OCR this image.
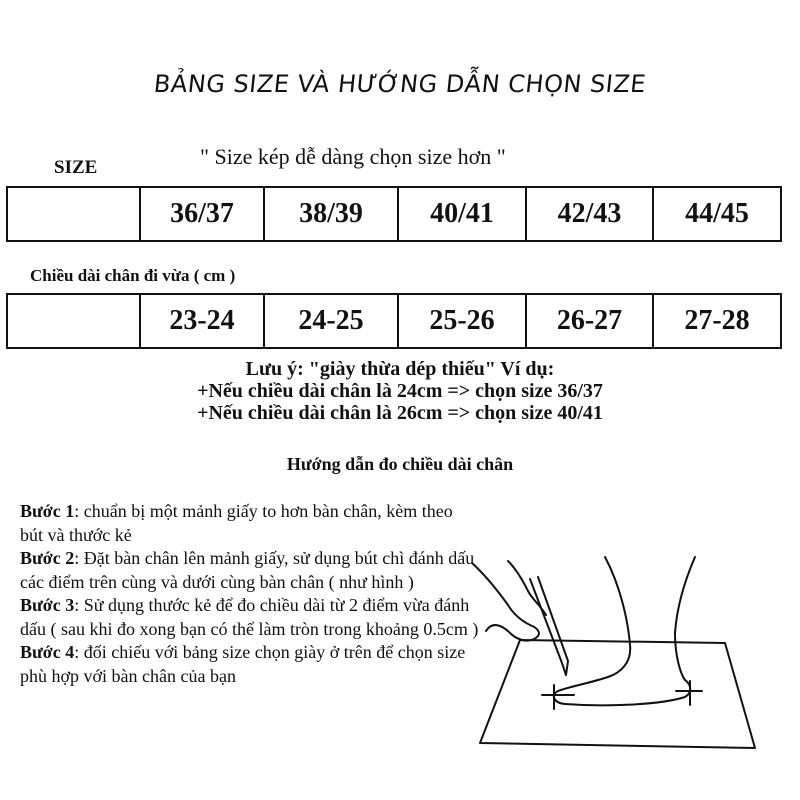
BẢNG SIZE VÀ HƯỚNG DẪN CHỌN SIZE
SIZE	" Size kép dễ dàng chọn size hơn "
	36/37	38/39	40/41	42/43	44/45
Chiều dài chân đi vừa ( cm )
	23-24	24-25	25-26	26-27	27-28
Lưu ý: "giày thừa dép thiếu" Ví dụ:
+Nếu chiều dài chân là 24cm => chọn size 36/37
+Nếu chiều dài chân là 26cm => chọn size 40/41
Hướng dẫn đo chiều dài chân
Bước 1: chuẩn bị một mảnh giấy to hơn bàn chân, kèm theo bút và thước kẻ
Bước 2: Đặt bàn chân lên mảnh giấy, sử dụng bút chì đánh dấu các điểm trên cùng và dưới cùng bàn chân ( như hình )
Bước 3: Sử dụng thước kẻ để đo chiều dài từ 2 điểm vừa đánh dấu ( sau khi đo xong bạn có thể làm tròn trong khoảng 0.5cm )
Bước 4: đối chiếu với bảng size chọn giày ở trên để chọn size phù hợp với bàn chân của bạn
